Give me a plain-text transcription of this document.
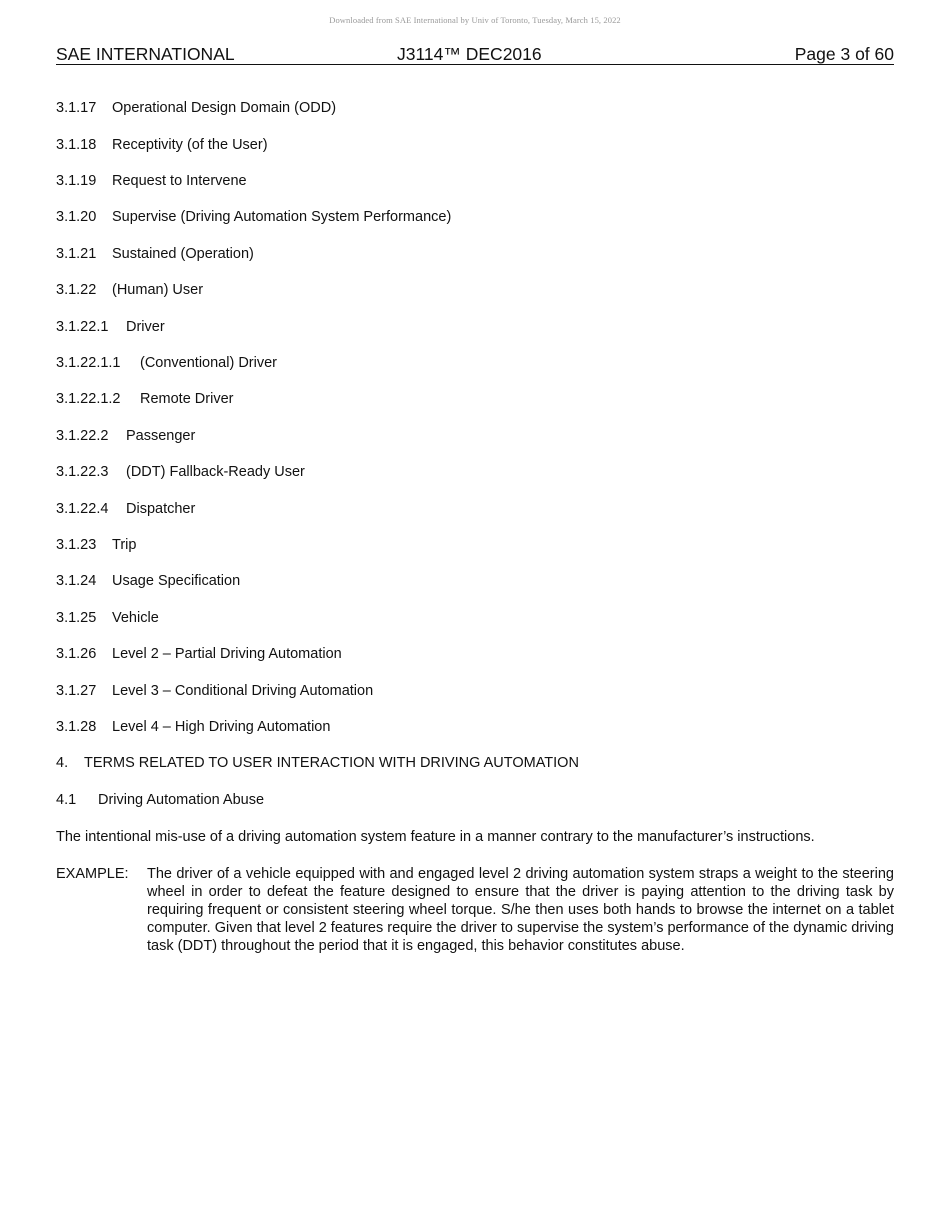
Downloaded from SAE International by Univ of Toronto, Tuesday, March 15, 2022
SAE INTERNATIONAL	J3114™ DEC2016	Page 3 of 60
3.1.17 Operational Design Domain (ODD)
3.1.18 Receptivity (of the User)
3.1.19 Request to Intervene
3.1.20 Supervise (Driving Automation System Performance)
3.1.21 Sustained (Operation)
3.1.22 (Human) User
3.1.22.1 Driver
3.1.22.1.1 (Conventional) Driver
3.1.22.1.2 Remote Driver
3.1.22.2 Passenger
3.1.22.3 (DDT) Fallback-Ready User
3.1.22.4 Dispatcher
3.1.23 Trip
3.1.24 Usage Specification
3.1.25 Vehicle
3.1.26 Level 2 – Partial Driving Automation
3.1.27 Level 3 – Conditional Driving Automation
3.1.28 Level 4 – High Driving Automation
4. TERMS RELATED TO USER INTERACTION WITH DRIVING AUTOMATION
4.1 Driving Automation Abuse
The intentional mis-use of a driving automation system feature in a manner contrary to the manufacturer’s instructions.
EXAMPLE: The driver of a vehicle equipped with and engaged level 2 driving automation system straps a weight to the steering wheel in order to defeat the feature designed to ensure that the driver is paying attention to the driving task by requiring frequent or consistent steering wheel torque. S/he then uses both hands to browse the internet on a tablet computer. Given that level 2 features require the driver to supervise the system’s performance of the dynamic driving task (DDT) throughout the period that it is engaged, this behavior constitutes abuse.
